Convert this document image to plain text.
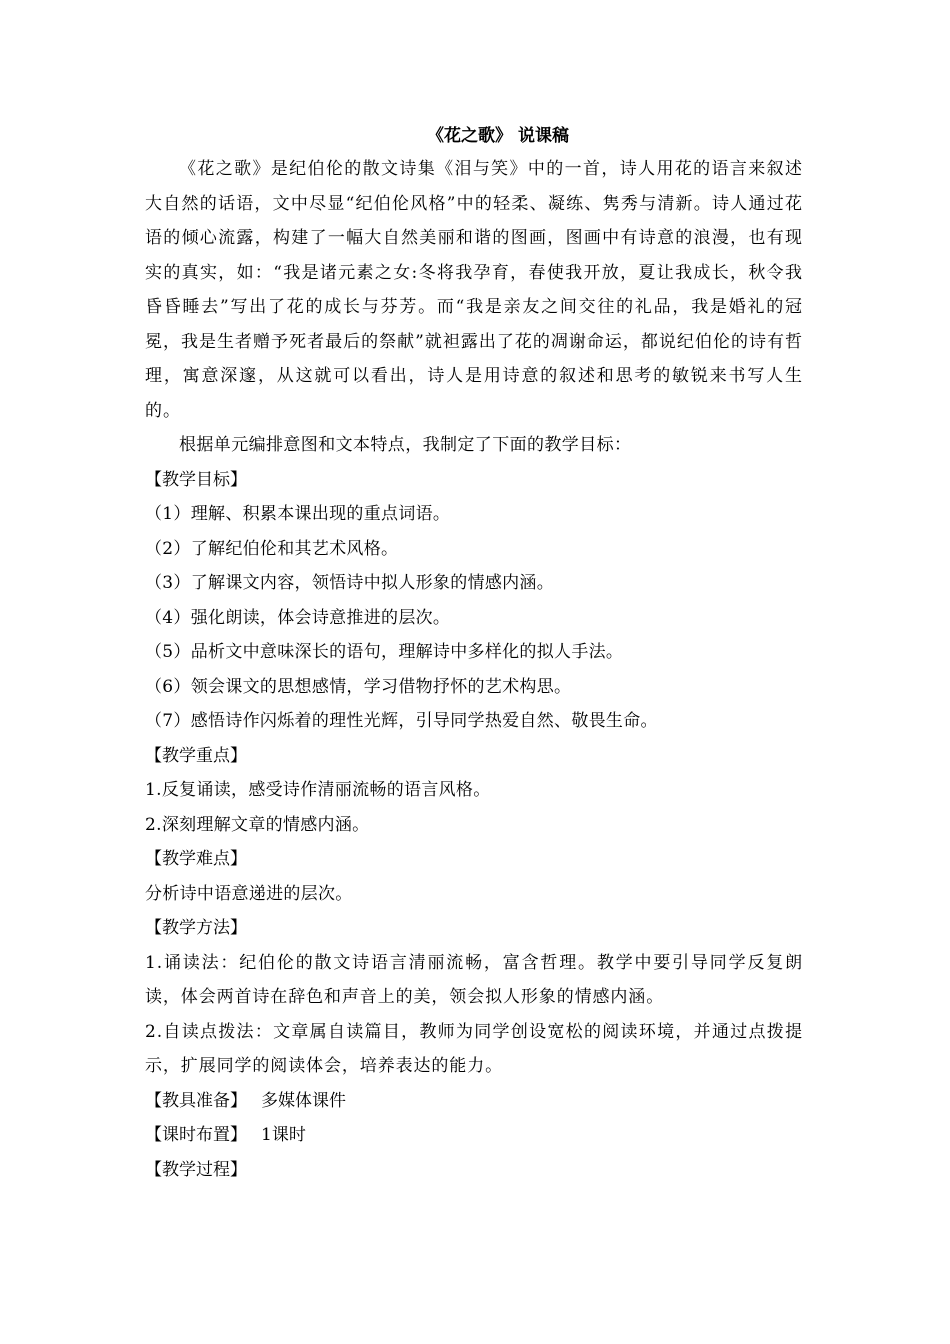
《花之歌》 说课稿

《花之歌》是纪伯伦的散文诗集《泪与笑》中的一首，诗人用花的语言来叙述大自然的话语，文中尽显“纪伯伦风格”中的轻柔、凝练、隽秀与清新。诗人通过花语的倾心流露，构建了一幅大自然美丽和谐的图画，图画中有诗意的浪漫，也有现实的真实，如：“我是诸元素之女:冬将我孕育，春使我开放，夏让我成长，秋令我昏昏睡去”写出了花的成长与芬芳。而“我是亲友之间交往的礼品，我是婚礼的冠冕，我是生者赠予死者最后的祭献”就袒露出了花的凋谢命运，都说纪伯伦的诗有哲理，寓意深邃，从这就可以看出，诗人是用诗意的叙述和思考的敏锐来书写人生的。

根据单元编排意图和文本特点，我制定了下面的教学目标：

【教学目标】

（1）理解、积累本课出现的重点词语。

（2）了解纪伯伦和其艺术风格。

（3）了解课文内容，领悟诗中拟人形象的情感内涵。

（4）强化朗读，体会诗意推进的层次。

（5）品析文中意味深长的语句，理解诗中多样化的拟人手法。

（6）领会课文的思想感情，学习借物抒怀的艺术构思。

（7）感悟诗作闪烁着的理性光辉，引导同学热爱自然、敬畏生命。

【教学重点】

1.反复诵读，感受诗作清丽流畅的语言风格。

2.深刻理解文章的情感内涵。

【教学难点】

分析诗中语意递进的层次。

【教学方法】

1.诵读法：纪伯伦的散文诗语言清丽流畅，富含哲理。教学中要引导同学反复朗读，体会两首诗在辞色和声音上的美，领会拟人形象的情感内涵。

2.自读点拨法：文章属自读篇目，教师为同学创设宽松的阅读环境，并通过点拨提示，扩展同学的阅读体会，培养表达的能力。

【教具准备】 多媒体课件

【课时布置】 1课时

【教学过程】
